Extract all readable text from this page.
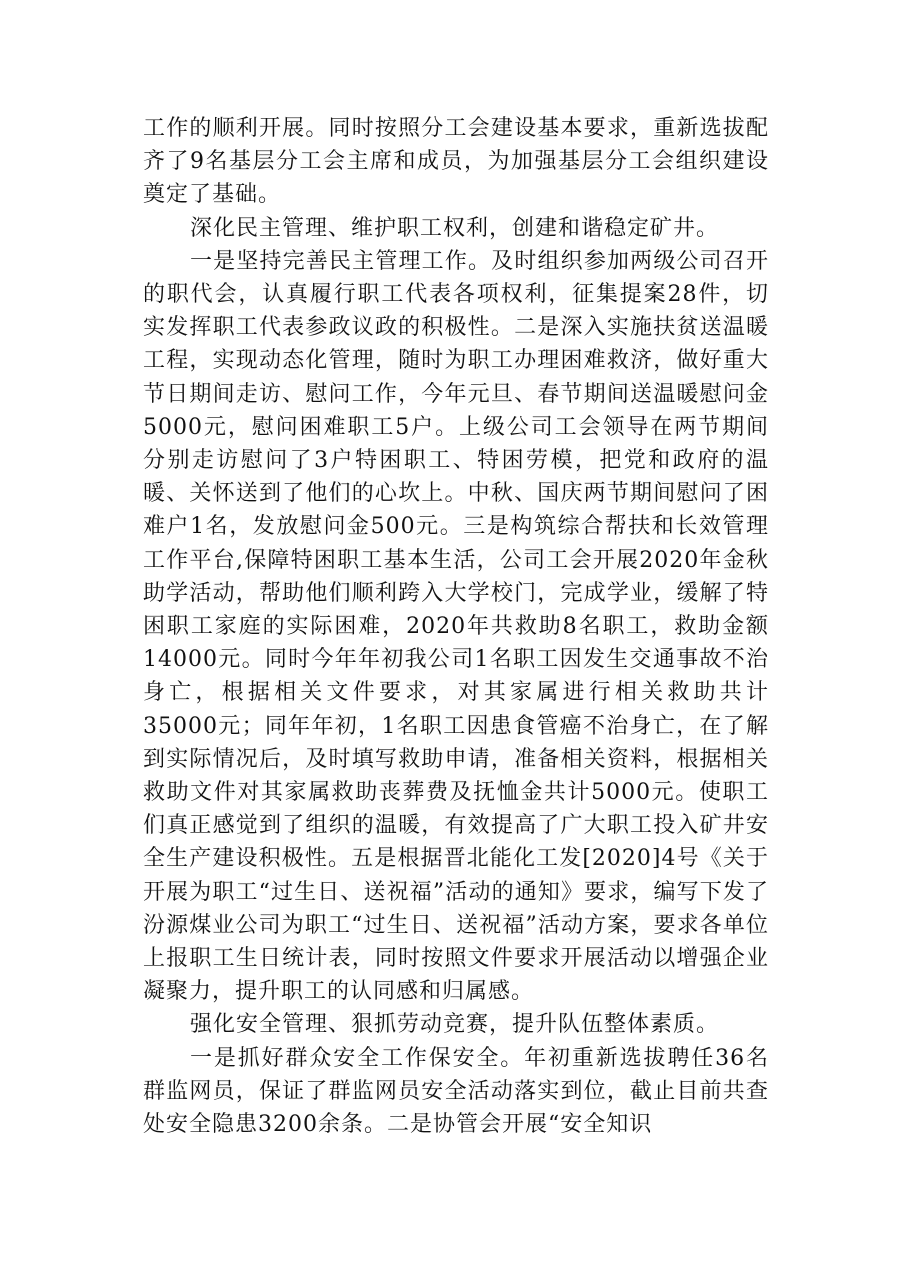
工作的顺利开展。同时按照分工会建设基本要求，重新选拔配齐了9名基层分工会主席和成员，为加强基层分工会组织建设奠定了基础。

深化民主管理、维护职工权利，创建和谐稳定矿井。

一是坚持完善民主管理工作。及时组织参加两级公司召开的职代会，认真履行职工代表各项权利，征集提案28件，切实发挥职工代表参政议政的积极性。二是深入实施扶贫送温暖工程，实现动态化管理，随时为职工办理困难救济，做好重大节日期间走访、慰问工作，今年元旦、春节期间送温暖慰问金5000元，慰问困难职工5户。上级公司工会领导在两节期间分别走访慰问了3户特困职工、特困劳模，把党和政府的温暖、关怀送到了他们的心坎上。中秋、国庆两节期间慰问了困难户1名，发放慰问金500元。三是构筑综合帮扶和长效管理工作平台,保障特困职工基本生活，公司工会开展2020年金秋助学活动，帮助他们顺利跨入大学校门，完成学业，缓解了特困职工家庭的实际困难，2020年共救助8名职工，救助金额14000元。同时今年年初我公司1名职工因发生交通事故不治身亡，根据相关文件要求，对其家属进行相关救助共计35000元；同年年初，1名职工因患食管癌不治身亡，在了解到实际情况后，及时填写救助申请，准备相关资料，根据相关救助文件对其家属救助丧葬费及抚恤金共计5000元。使职工们真正感觉到了组织的温暖，有效提高了广大职工投入矿井安全生产建设积极性。五是根据晋北能化工发[2020]4号《关于开展为职工“过生日、送祝福”活动的通知》要求，编写下发了汾源煤业公司为职工“过生日、送祝福”活动方案，要求各单位上报职工生日统计表，同时按照文件要求开展活动以增强企业凝聚力，提升职工的认同感和归属感。

强化安全管理、狠抓劳动竞赛，提升队伍整体素质。

一是抓好群众安全工作保安全。年初重新选拔聘任36名群监网员，保证了群监网员安全活动落实到位，截止目前共查处安全隐患3200余条。二是协管会开展“安全知识
